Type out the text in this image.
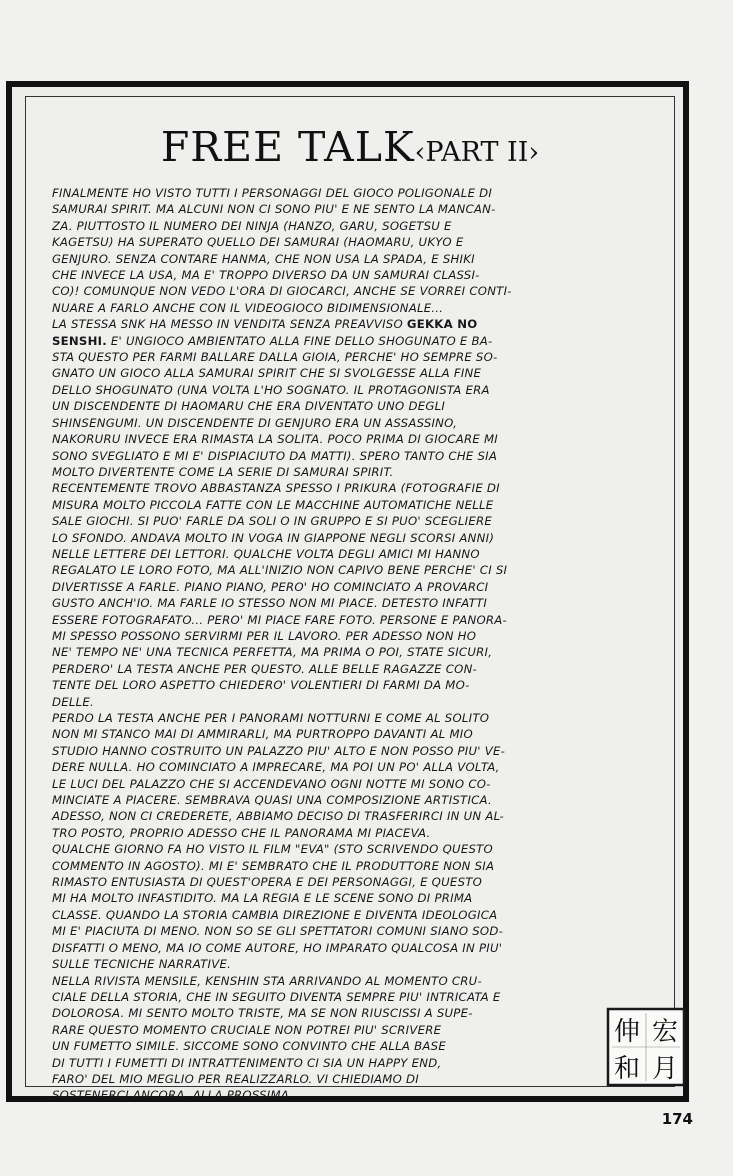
FREE TALK‹PART II›
FINALMENTE HO VISTO TUTTI I PERSONAGGI DEL GIOCO POLIGONALE DI
SAMURAI SPIRIT. MA ALCUNI NON CI SONO PIU' E NE SENTO LA MANCAN-
ZA. PIUTTOSTO IL NUMERO DEI NINJA (HANZO, GARU, SOGETSU E
KAGETSU) HA SUPERATO QUELLO DEI SAMURAI (HAOMARU, UKYO E
GENJURO. SENZA CONTARE HANMA, CHE NON USA LA SPADA, E SHIKI
CHE INVECE LA USA, MA E' TROPPO DIVERSO DA UN SAMURAI CLASSI-
CO)! COMUNQUE NON VEDO L'ORA DI GIOCARCI, ANCHE SE VORREI CONTI-
NUARE A FARLO ANCHE CON IL VIDEOGIOCO BIDIMENSIONALE...
LA STESSA SNK HA MESSO IN VENDITA SENZA PREAVVISO GEKKA NO
SENSHI. E' UNGIOCO AMBIENTATO ALLA FINE DELLO SHOGUNATO E BA-
STA QUESTO PER FARMI BALLARE DALLA GIOIA, PERCHE' HO SEMPRE SO-
GNATO UN GIOCO ALLA SAMURAI SPIRIT CHE SI SVOLGESSE ALLA FINE
DELLO SHOGUNATO (UNA VOLTA L'HO SOGNATO. IL PROTAGONISTA ERA
UN DISCENDENTE DI HAOMARU CHE ERA DIVENTATO UNO DEGLI
SHINSENGUMI. UN DISCENDENTE DI GENJURO ERA UN ASSASSINO,
NAKORURU INVECE ERA RIMASTA LA SOLITA. POCO PRIMA DI GIOCARE MI
SONO SVEGLIATO E MI E' DISPIACIUTO DA MATTI). SPERO TANTO CHE SIA
MOLTO DIVERTENTE COME LA SERIE DI SAMURAI SPIRIT.
RECENTEMENTE TROVO ABBASTANZA SPESSO I PRIKURA (FOTOGRAFIE DI
MISURA MOLTO PICCOLA FATTE CON LE MACCHINE AUTOMATICHE NELLE
SALE GIOCHI. SI PUO' FARLE DA SOLI O IN GRUPPO E SI PUO' SCEGLIERE
LO SFONDO. ANDAVA MOLTO IN VOGA IN GIAPPONE NEGLI SCORSI ANNI)
NELLE LETTERE DEI LETTORI. QUALCHE VOLTA DEGLI AMICI MI HANNO
REGALATO LE LORO FOTO, MA ALL'INIZIO NON CAPIVO BENE PERCHE' CI SI
DIVERTISSE A FARLE. PIANO PIANO, PERO' HO COMINCIATO A PROVARCI
GUSTO ANCH'IO. MA FARLE IO STESSO NON MI PIACE. DETESTO INFATTI
ESSERE FOTOGRAFATO... PERO' MI PIACE FARE FOTO. PERSONE E PANORA-
MI SPESSO POSSONO SERVIRMI PER IL LAVORO. PER ADESSO NON HO
NE' TEMPO NE' UNA TECNICA PERFETTA, MA PRIMA O POI, STATE SICURI,
PERDERO' LA TESTA ANCHE PER QUESTO. ALLE BELLE RAGAZZE CON-
TENTE DEL LORO ASPETTO CHIEDERO' VOLENTIERI DI FARMI DA MO-
DELLE.
PERDO LA TESTA ANCHE PER I PANORAMI NOTTURNI E COME AL SOLITO
NON MI STANCO MAI DI AMMIRARLI, MA PURTROPPO DAVANTI AL MIO
STUDIO HANNO COSTRUITO UN PALAZZO PIU' ALTO E NON POSSO PIU' VE-
DERE NULLA. HO COMINCIATO A IMPRECARE, MA POI UN PO' ALLA VOLTA,
LE LUCI DEL PALAZZO CHE SI ACCENDEVANO OGNI NOTTE MI SONO CO-
MINCIATE A PIACERE. SEMBRAVA QUASI UNA COMPOSIZIONE ARTISTICA.
ADESSO, NON CI CREDERETE, ABBIAMO DECISO DI TRASFERIRCI IN UN AL-
TRO POSTO, PROPRIO ADESSO CHE IL PANORAMA MI PIACEVA.
QUALCHE GIORNO FA HO VISTO IL FILM "EVA" (STO SCRIVENDO QUESTO
COMMENTO IN AGOSTO). MI E' SEMBRATO CHE IL PRODUTTORE NON SIA
RIMASTO ENTUSIASTA DI QUEST'OPERA E DEI PERSONAGGI, E QUESTO
MI HA MOLTO INFASTIDITO. MA LA REGIA E LE SCENE SONO DI PRIMA
CLASSE. QUANDO LA STORIA CAMBIA DIREZIONE E DIVENTA IDEOLOGICA
MI E' PIACIUTA DI MENO. NON SO SE GLI SPETTATORI COMUNI SIANO SOD-
DISFATTI O MENO, MA IO COME AUTORE, HO IMPARATO QUALCOSA IN PIU'
SULLE TECNICHE NARRATIVE.
NELLA RIVISTA MENSILE, KENSHIN STA ARRIVANDO AL MOMENTO CRU-
CIALE DELLA STORIA, CHE IN SEGUITO DIVENTA SEMPRE PIU' INTRICATA E
DOLOROSA. MI SENTO MOLTO TRISTE, MA SE NON RIUSCISSI A SUPE-
RARE QUESTO MOMENTO CRUCIALE NON POTREI PIU' SCRIVERE
UN FUMETTO SIMILE. SICCOME SONO CONVINTO CHE ALLA BASE
DI TUTTI I FUMETTI DI INTRATTENIMENTO CI SIA UN HAPPY END,
FARO' DEL MIO MEGLIO PER REALIZZARLO. VI CHIEDIAMO DI
SOSTENERCI ANCORA. ALLA PROSSIMA.
伸 宏
和 月
174
